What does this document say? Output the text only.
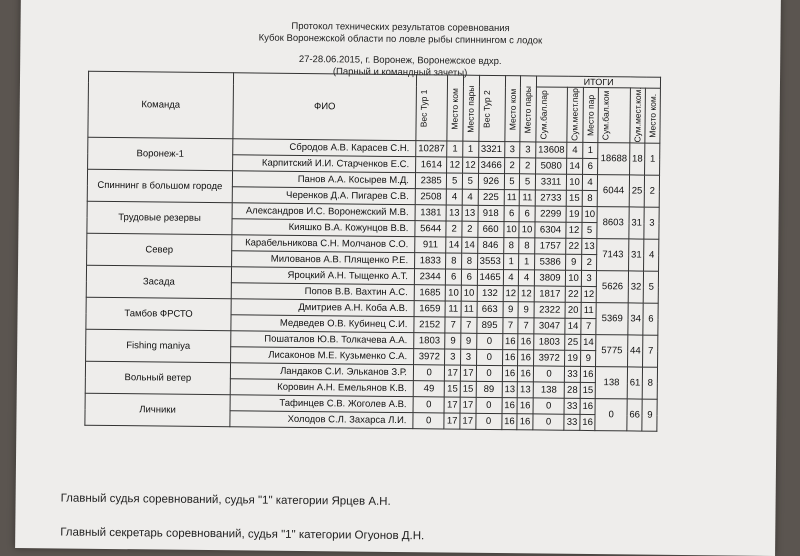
Протокол технических результатов соревнования
Кубок Воронежской области по ловле рыбы спиннингом с лодок
27-28.06.2015, г. Воронеж, Воронежское вдхр.
(Парный и командный зачеты)
Команда	ФИО	Вес Тур 1	Место ком	Место пары	Вес Тур 2	Место ком	Место пары	ИТОГИ					

								Сум.бал.пар	Сум.мест.пар	Место пар	Сум.бал.ком	Сум.мест.ком.	Место ком.

Воронеж-1	Сбродов А.В. Карасев С.Н.	10287	1	1	3321	3	3	13608	4	1	18688	18	1
	Карпитский И.И. Старченков Е.С.	1614	12	12	3466	2	2	5080	14	6			
Спиннинг в большом городе	Панов А.А. Косырев М.Д.	2385	5	5	926	5	5	3311	10	4	6044	25	2
	Черенков Д.А. Пигарев С.В.	2508	4	4	225	11	11	2733	15	8			
Трудовые резервы	Александров И.С. Воронежский М.В.	1381	13	13	918	6	6	2299	19	10	8603	31	3
	Кияшко В.А. Кожунцов В.В.	5644	2	2	660	10	10	6304	12	5			
Север	Карабельникова С.Н. Молчанов С.О.	911	14	14	846	8	8	1757	22	13	7143	31	4
	Милованов А.В. Плященко Р.Е.	1833	8	8	3553	1	1	5386	9	2			
Засада	Яроцкий А.Н. Тыщенко А.Т.	2344	6	6	1465	4	4	3809	10	3	5626	32	5
	Попов В.В. Вахтин А.С.	1685	10	10	132	12	12	1817	22	12			
Тамбов ФРСТО	Дмитриев А.Н. Коба А.В.	1659	11	11	663	9	9	2322	20	11	5369	34	6
	Медведев О.В. Кубинец С.И.	2152	7	7	895	7	7	3047	14	7			
Fishing maniya	Пошаталов Ю.В. Толкачева А.А.	1803	9	9	0	16	16	1803	25	14	5775	44	7
	Лисаконов М.Е. Кузьменко С.А.	3972	3	3	0	16	16	3972	19	9			
Вольный ветер	Ландаков С.И. Эльканов З.Р.	0	17	17	0	16	16	0	33	16	138	61	8
	Коровин А.Н. Емельянов К.В.	49	15	15	89	13	13	138	28	15			
Личники	Тафинцев С.В. Жоголев А.В.	0	17	17	0	16	16	0	33	16	0	66	9
	Холодов С.Л. Захарса Л.И.	0	17	17	0	16	16	0	33	16			
Главный судья соревнований, судья "1" категории Ярцев А.Н.
Главный секретарь соревнований, судья "1" категории Огуонов Д.Н.
